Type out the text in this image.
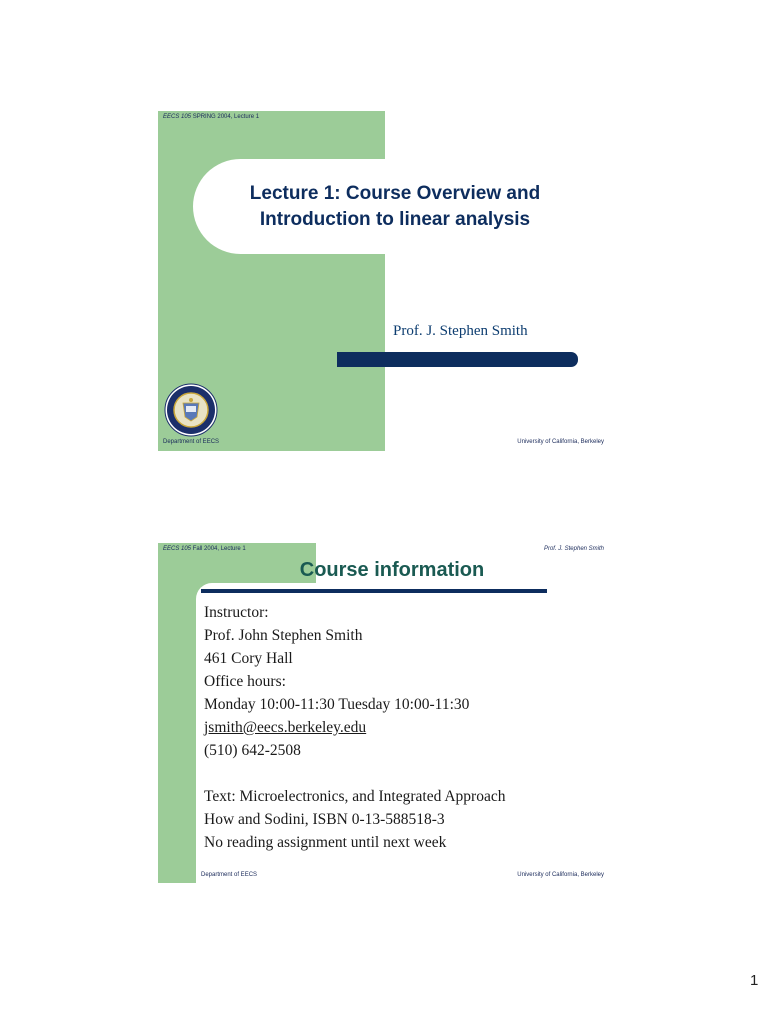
EECS 105 SPRING 2004, Lecture 1
Lecture 1: Course Overview and
Introduction to linear analysis
Prof. J. Stephen Smith
Department of EECS	University of California, Berkeley
EECS 105 Fall 2004, Lecture 1	Prof. J. Stephen Smith
Course information
Instructor:
Prof. John Stephen Smith
461 Cory Hall
Office hours:
Monday 10:00-11:30 Tuesday 10:00-11:30
jsmith@eecs.berkeley.edu
(510) 642-2508
Text: Microelectronics, and Integrated Approach
How and Sodini, ISBN 0-13-588518-3
No reading assignment until next week
Department of EECS	University of California, Berkeley
1
